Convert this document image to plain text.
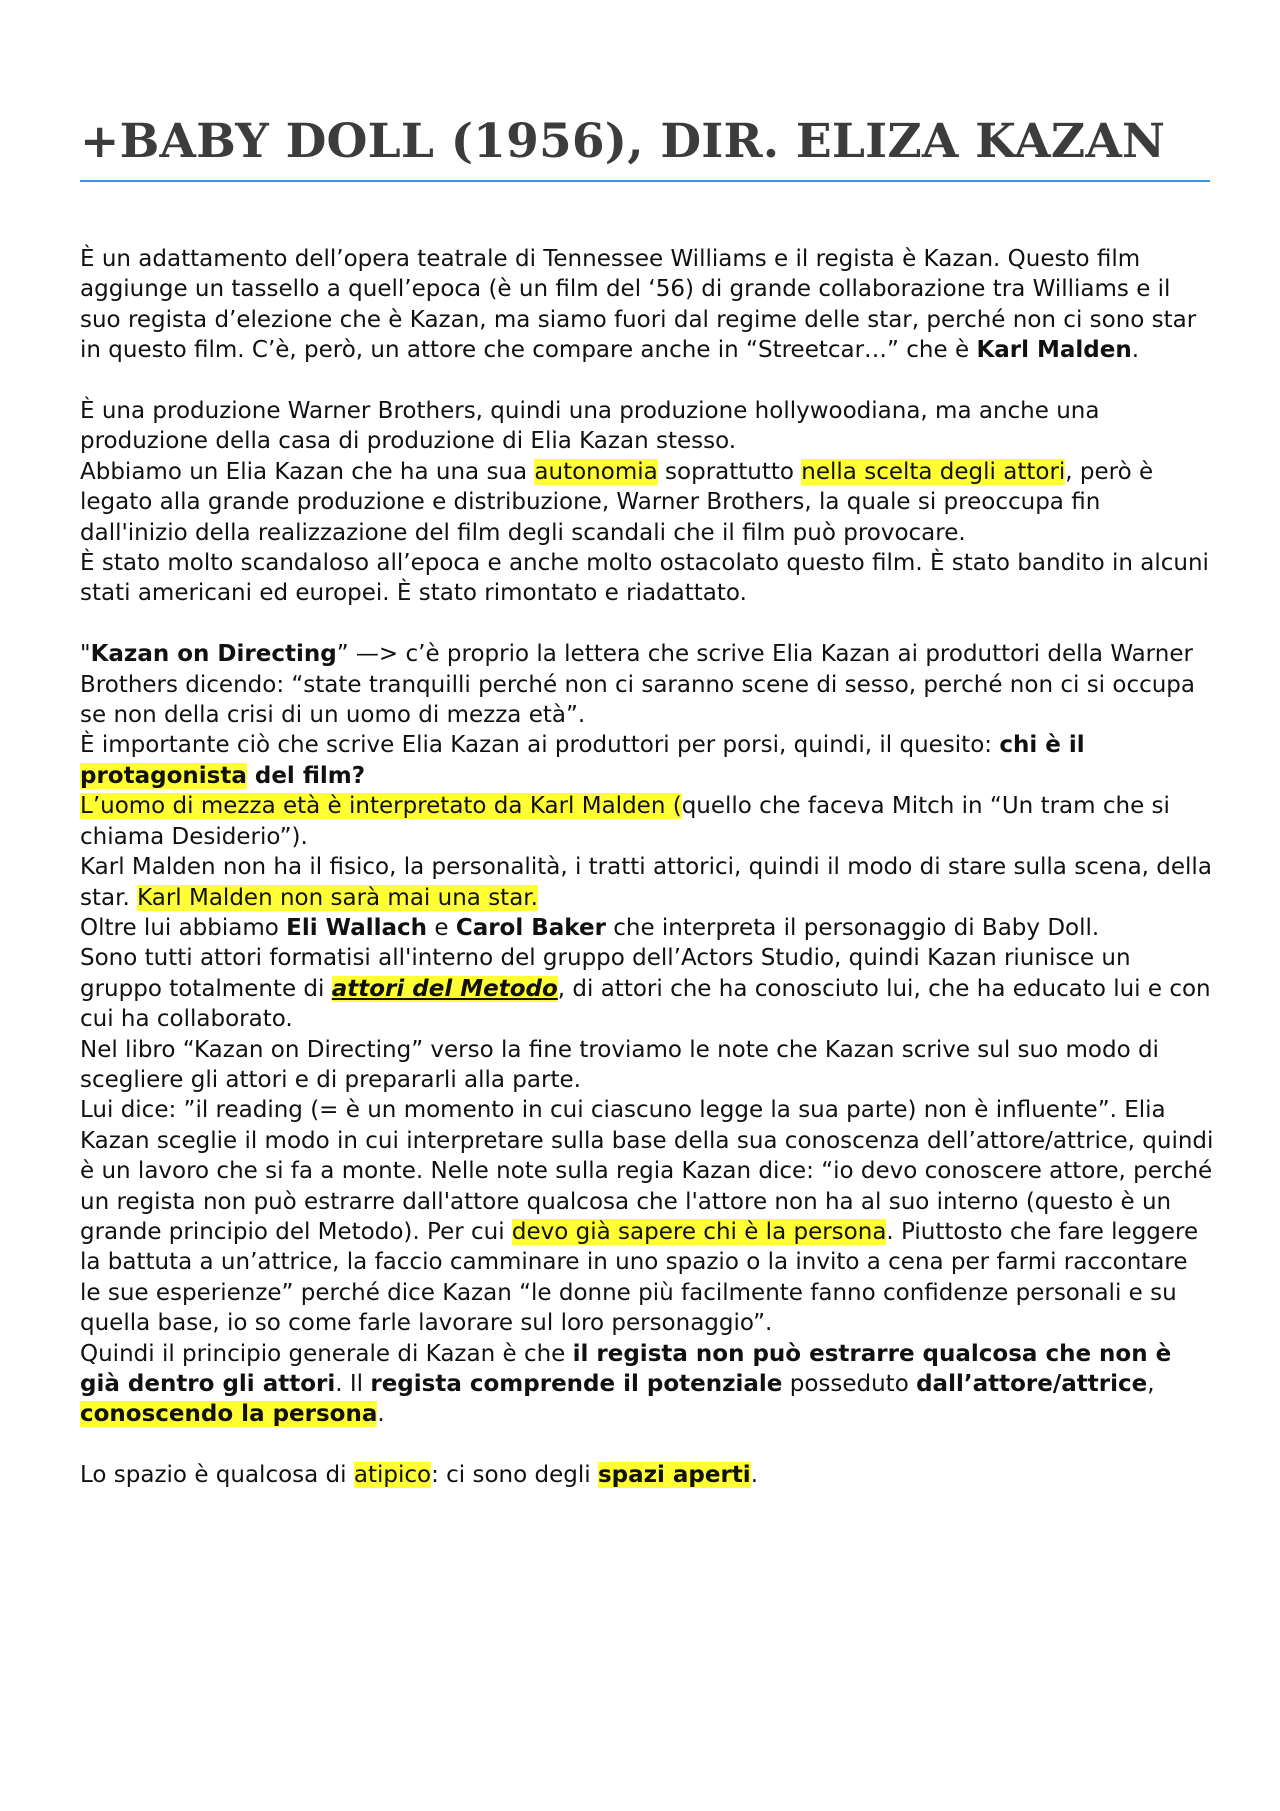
+BABY DOLL (1956), DIR. ELIZA KAZAN

È un adattamento dell’opera teatrale di Tennessee Williams e il regista è Kazan. Questo film aggiunge un tassello a quell’epoca (è un film del ‘56) di grande collaborazione tra Williams e il suo regista d’elezione che è Kazan, ma siamo fuori dal regime delle star, perché non ci sono star in questo film. C’è, però, un attore che compare anche in “Streetcar…” che è Karl Malden.

È una produzione Warner Brothers, quindi una produzione hollywoodiana, ma anche una produzione della casa di produzione di Elia Kazan stesso.

Abbiamo un Elia Kazan che ha una sua autonomia soprattutto nella scelta degli attori, però è legato alla grande produzione e distribuzione, Warner Brothers, la quale si preoccupa fin dall'inizio della realizzazione del film degli scandali che il film può provocare.

È stato molto scandaloso all’epoca e anche molto ostacolato questo film. È stato bandito in alcuni stati americani ed europei. È stato rimontato e riadattato.

"Kazan on Directing” —> c’è proprio la lettera che scrive Elia Kazan ai produttori della Warner Brothers dicendo: “state tranquilli perché non ci saranno scene di sesso, perché non ci si occupa se non della crisi di un uomo di mezza età”.

È importante ciò che scrive Elia Kazan ai produttori per porsi, quindi, il quesito: chi è il protagonista del film?

L’uomo di mezza età è interpretato da Karl Malden (quello che faceva Mitch in “Un tram che si chiama Desiderio”).

Karl Malden non ha il fisico, la personalità, i tratti attorici, quindi il modo di stare sulla scena, della star. Karl Malden non sarà mai una star.

Oltre lui abbiamo Eli Wallach e Carol Baker che interpreta il personaggio di Baby Doll.

Sono tutti attori formatisi all'interno del gruppo dell’Actors Studio, quindi Kazan riunisce un gruppo totalmente di attori del Metodo, di attori che ha conosciuto lui, che ha educato lui e con cui ha collaborato.

Nel libro “Kazan on Directing” verso la fine troviamo le note che Kazan scrive sul suo modo di scegliere gli attori e di prepararli alla parte.

Lui dice: ”il reading (= è un momento in cui ciascuno legge la sua parte) non è influente”. Elia Kazan sceglie il modo in cui interpretare sulla base della sua conoscenza dell’attore/attrice, quindi è un lavoro che si fa a monte. Nelle note sulla regia Kazan dice: “io devo conoscere attore, perché un regista non può estrarre dall'attore qualcosa che l'attore non ha al suo interno (questo è un grande principio del Metodo). Per cui devo già sapere chi è la persona. Piuttosto che fare leggere la battuta a un’attrice, la faccio camminare in uno spazio o la invito a cena per farmi raccontare le sue esperienze” perché dice Kazan “le donne più facilmente fanno confidenze personali e su quella base, io so come farle lavorare sul loro personaggio”.

Quindi il principio generale di Kazan è che il regista non può estrarre qualcosa che non è già dentro gli attori. Il regista comprende il potenziale posseduto dall’attore/attrice, conoscendo la persona.

Lo spazio è qualcosa di atipico: ci sono degli spazi aperti.
